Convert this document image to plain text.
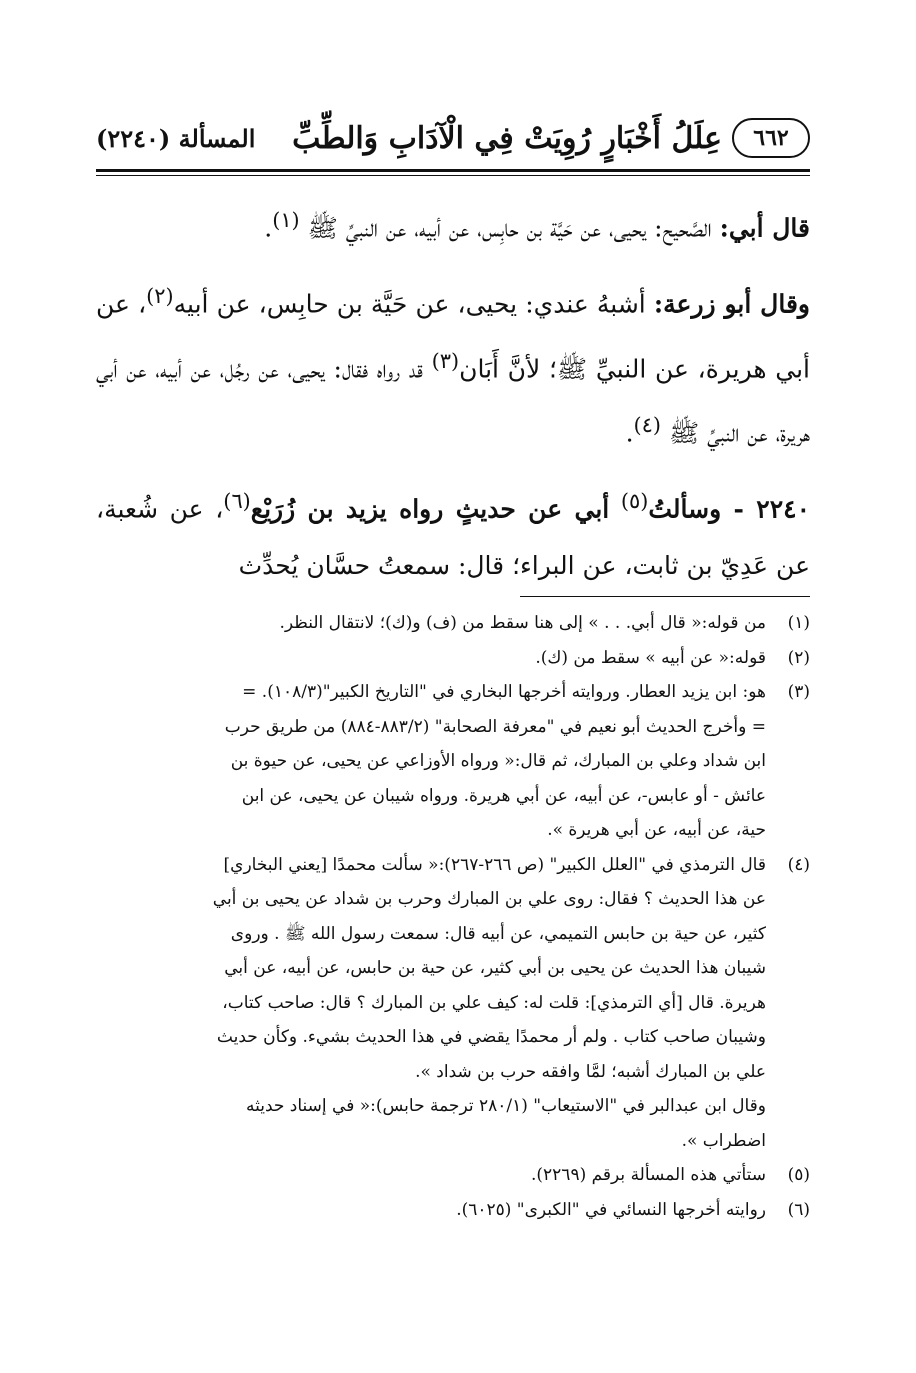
٦٦٢
عِلَلُ أَخْبَارٍ رُوِيَتْ فِي الْآدَابِ وَالطِّبِّ
المسألة (٢٢٤٠)

قال أبي: الصَّحيح: يحيى، عن حَيَّة بن حابِس، عن أبيه، عن النبيِّ ﷺ $^{(١)}$.

وقال أبو زرعة: أشبهُ عندي: يحيى، عن حَيَّة بن حابِس، عن أبيه$^{(٢)}$، عن أبي هريرة، عن النبيِّ ﷺ؛ لأنَّ أَبَان$^{(٣)}$ قد رواه فقال: يحيى، عن رجُل، عن أبيه، عن أبي هريرة، عن النبيِّ ﷺ $^{(٤)}$.

٢٢٤٠ - وسألتُ$^{(٥)}$ أبي عن حديثٍ رواه يزيد بن زُرَيْع$^{(٦)}$، عن شُعبة، عن عَدِيّ بن ثابت، عن البراء؛ قال: سمعتُ حسَّان يُحدِّث

(١)
من قوله:« قال أبي. . . » إلى هنا سقط من (ف) و(ك)؛ لانتقال النظر.
(٢)
قوله:« عن أبيه » سقط من (ك).
(٣)
هو: ابن يزيد العطار. وروايته أخرجها البخاري في "التاريخ الكبير"(١٠٨/٣). =
= وأخرج الحديث أبو نعيم في "معرفة الصحابة" (٨٨٣/٢-٨٨٤) من طريق حرب
ابن شداد وعلي بن المبارك، ثم قال:« ورواه الأوزاعي عن يحيى، عن حيوة بن
عائش - أو عابس-، عن أبيه، عن أبي هريرة. ورواه شيبان عن يحيى، عن ابن
حية، عن أبيه، عن أبي هريرة ».
(٤)
قال الترمذي في "العلل الكبير" (ص ٢٦٦-٢٦٧):« سألت محمدًا [يعني البخاري]
عن هذا الحديث ؟ فقال: روى علي بن المبارك وحرب بن شداد عن يحيى بن أبي
كثير، عن حية بن حابس التميمي، عن أبيه قال: سمعت رسول الله ﷺ . وروى
شيبان هذا الحديث عن يحيى بن أبي كثير، عن حية بن حابس، عن أبيه، عن أبي
هريرة. قال [أي الترمذي]: قلت له: كيف علي بن المبارك ؟ قال: صاحب كتاب،
وشيبان صاحب كتاب . ولم أر محمدًا يقضي في هذا الحديث بشيء. وكأن حديث
علي بن المبارك أشبه؛ لمَّا وافقه حرب بن شداد ».
وقال ابن عبدالبر في "الاستيعاب" (٢٨٠/١ ترجمة حابس):« في إسناد حديثه
اضطراب ».
(٥)
ستأتي هذه المسألة برقم (٢٢٦٩).
(٦)
روايته أخرجها النسائي في "الكبرى" (٦٠٢٥).
